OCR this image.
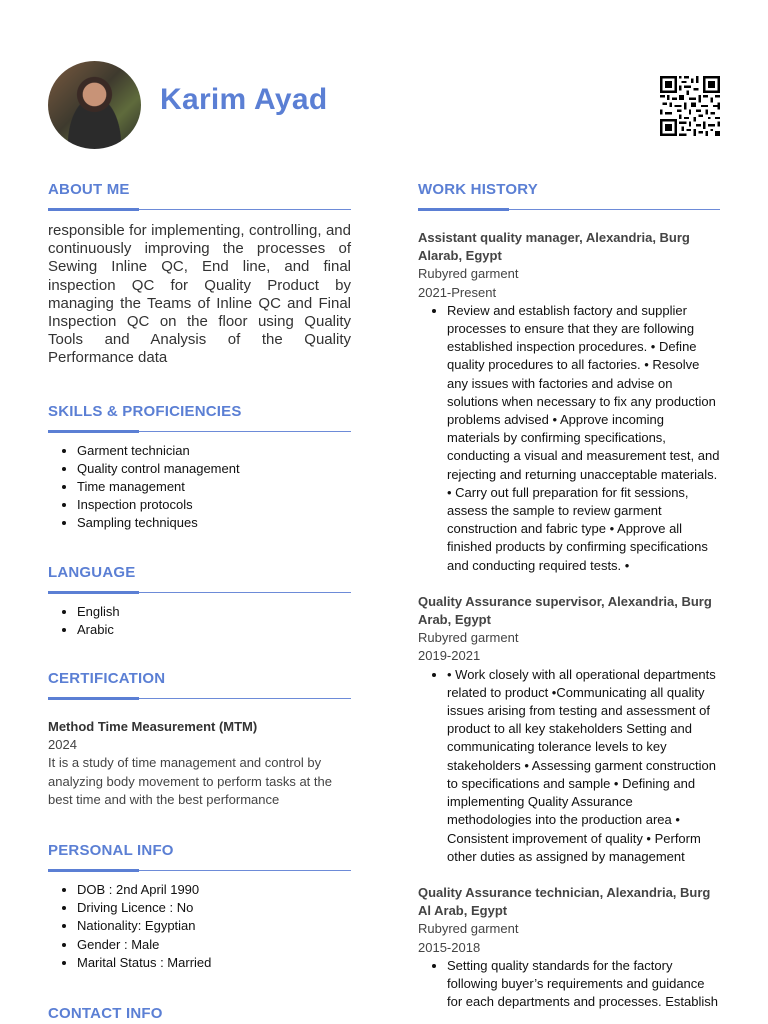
Karim Ayad
ABOUT ME

responsible for implementing, controlling, and continuously improving the processes of Sewing Inline QC, End line, and final inspection QC for Quality Product by managing the Teams of Inline QC and Final Inspection QC on the floor using Quality Tools and Analysis of the Quality Performance data

SKILLS & PROFICIENCIES
• Garment technician
• Quality control management
• Time management
• Inspection protocols
• Sampling techniques
LANGUAGE
• English
• Arabic
CERTIFICATION
Method Time Measurement (MTM)
2024
It is a study of time management and control by analyzing body movement to perform tasks at the best time and with the best performance
PERSONAL INFO
• DOB : 2nd April 1990
• Driving Licence : No
• Nationality: Egyptian
• Gender : Male
• Marital Status : Married
CONTACT INFO
WORK HISTORY
Assistant quality manager, Alexandria, Burg Alarab, Egypt
Rubyred garment
2021-Present
• Review and establish factory and supplier processes to ensure that they are following established inspection procedures. • Define quality procedures to all factories. • Resolve any issues with factories and advise on solutions when necessary to fix any production problems advised • Approve incoming materials by confirming specifications, conducting a visual and measurement test, and rejecting and returning unacceptable materials. • Carry out full preparation for fit sessions, assess the sample to review garment construction and fabric type • Approve all finished products by confirming specifications and conducting required tests. •
Quality Assurance supervisor, Alexandria, Burg Arab, Egypt
Rubyred garment
2019-2021
• • Work closely with all operational departments related to product •Communicating all quality issues arising from testing and assessment of product to all key stakeholders Setting and communicating tolerance levels to key stakeholders • Assessing garment construction to specifications and sample • Defining and implementing Quality Assurance methodologies into the production area • Consistent improvement of quality • Perform other duties as assigned by management
Quality Assurance technician, Alexandria, Burg Al Arab, Egypt
Rubyred garment
2015-2018
• Setting quality standards for the factory following buyer’s requirements and guidance for each departments and processes. Establish
